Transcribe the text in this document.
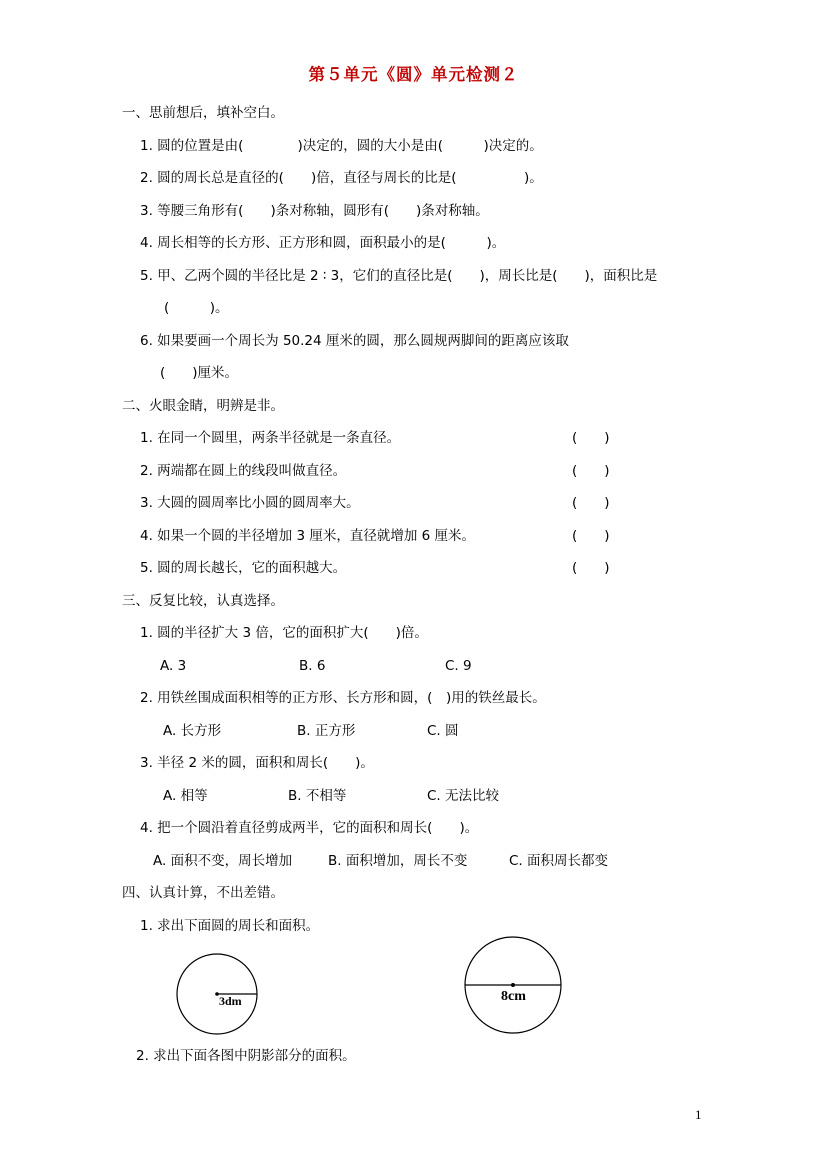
第５单元《圆》单元检测２
一、思前想后，填补空白。
1. 圆的位置是由(　　　　)决定的，圆的大小是由(　　　)决定的。
2. 圆的周长总是直径的(　　)倍，直径与周长的比是(　　　　　)。
3. 等腰三角形有(　　)条对称轴，圆形有(　　)条对称轴。
4. 周长相等的长方形、正方形和圆，面积最小的是(　　　)。
5. 甲、乙两个圆的半径比是 2 ∶ 3，它们的直径比是(　　)，周长比是(　　)，面积比是
(　　　)。
6. 如果要画一个周长为 50.24 厘米的圆，那么圆规两脚间的距离应该取
(　　)厘米。
二、火眼金睛，明辨是非。
1. 在同一个圆里，两条半径就是一条直径。	(　　)
2. 两端都在圆上的线段叫做直径。	(　　)
3. 大圆的圆周率比小圆的圆周率大。	(　　)
4. 如果一个圆的半径增加 3 厘米，直径就增加 6 厘米。	(　　)
5. 圆的周长越长，它的面积越大。	(　　)
三、反复比较，认真选择。
1. 圆的半径扩大 3 倍，它的面积扩大(　　)倍。
A. 3	B. 6	C. 9
2. 用铁丝围成面积相等的正方形、长方形和圆，(　)用的铁丝最长。
A. 长方形	B. 正方形	C. 圆
3. 半径 2 米的圆，面积和周长(　　)。
A. 相等	B. 不相等	C. 无法比较
4. 把一个圆沿着直径剪成两半，它的面积和周长(　　)。
A. 面积不变，周长增加	B. 面积增加，周长不变	C. 面积周长都变
四、认真计算，不出差错。
1. 求出下面圆的周长和面积。
3dm	8cm
2. 求出下面各图中阴影部分的面积。
1
